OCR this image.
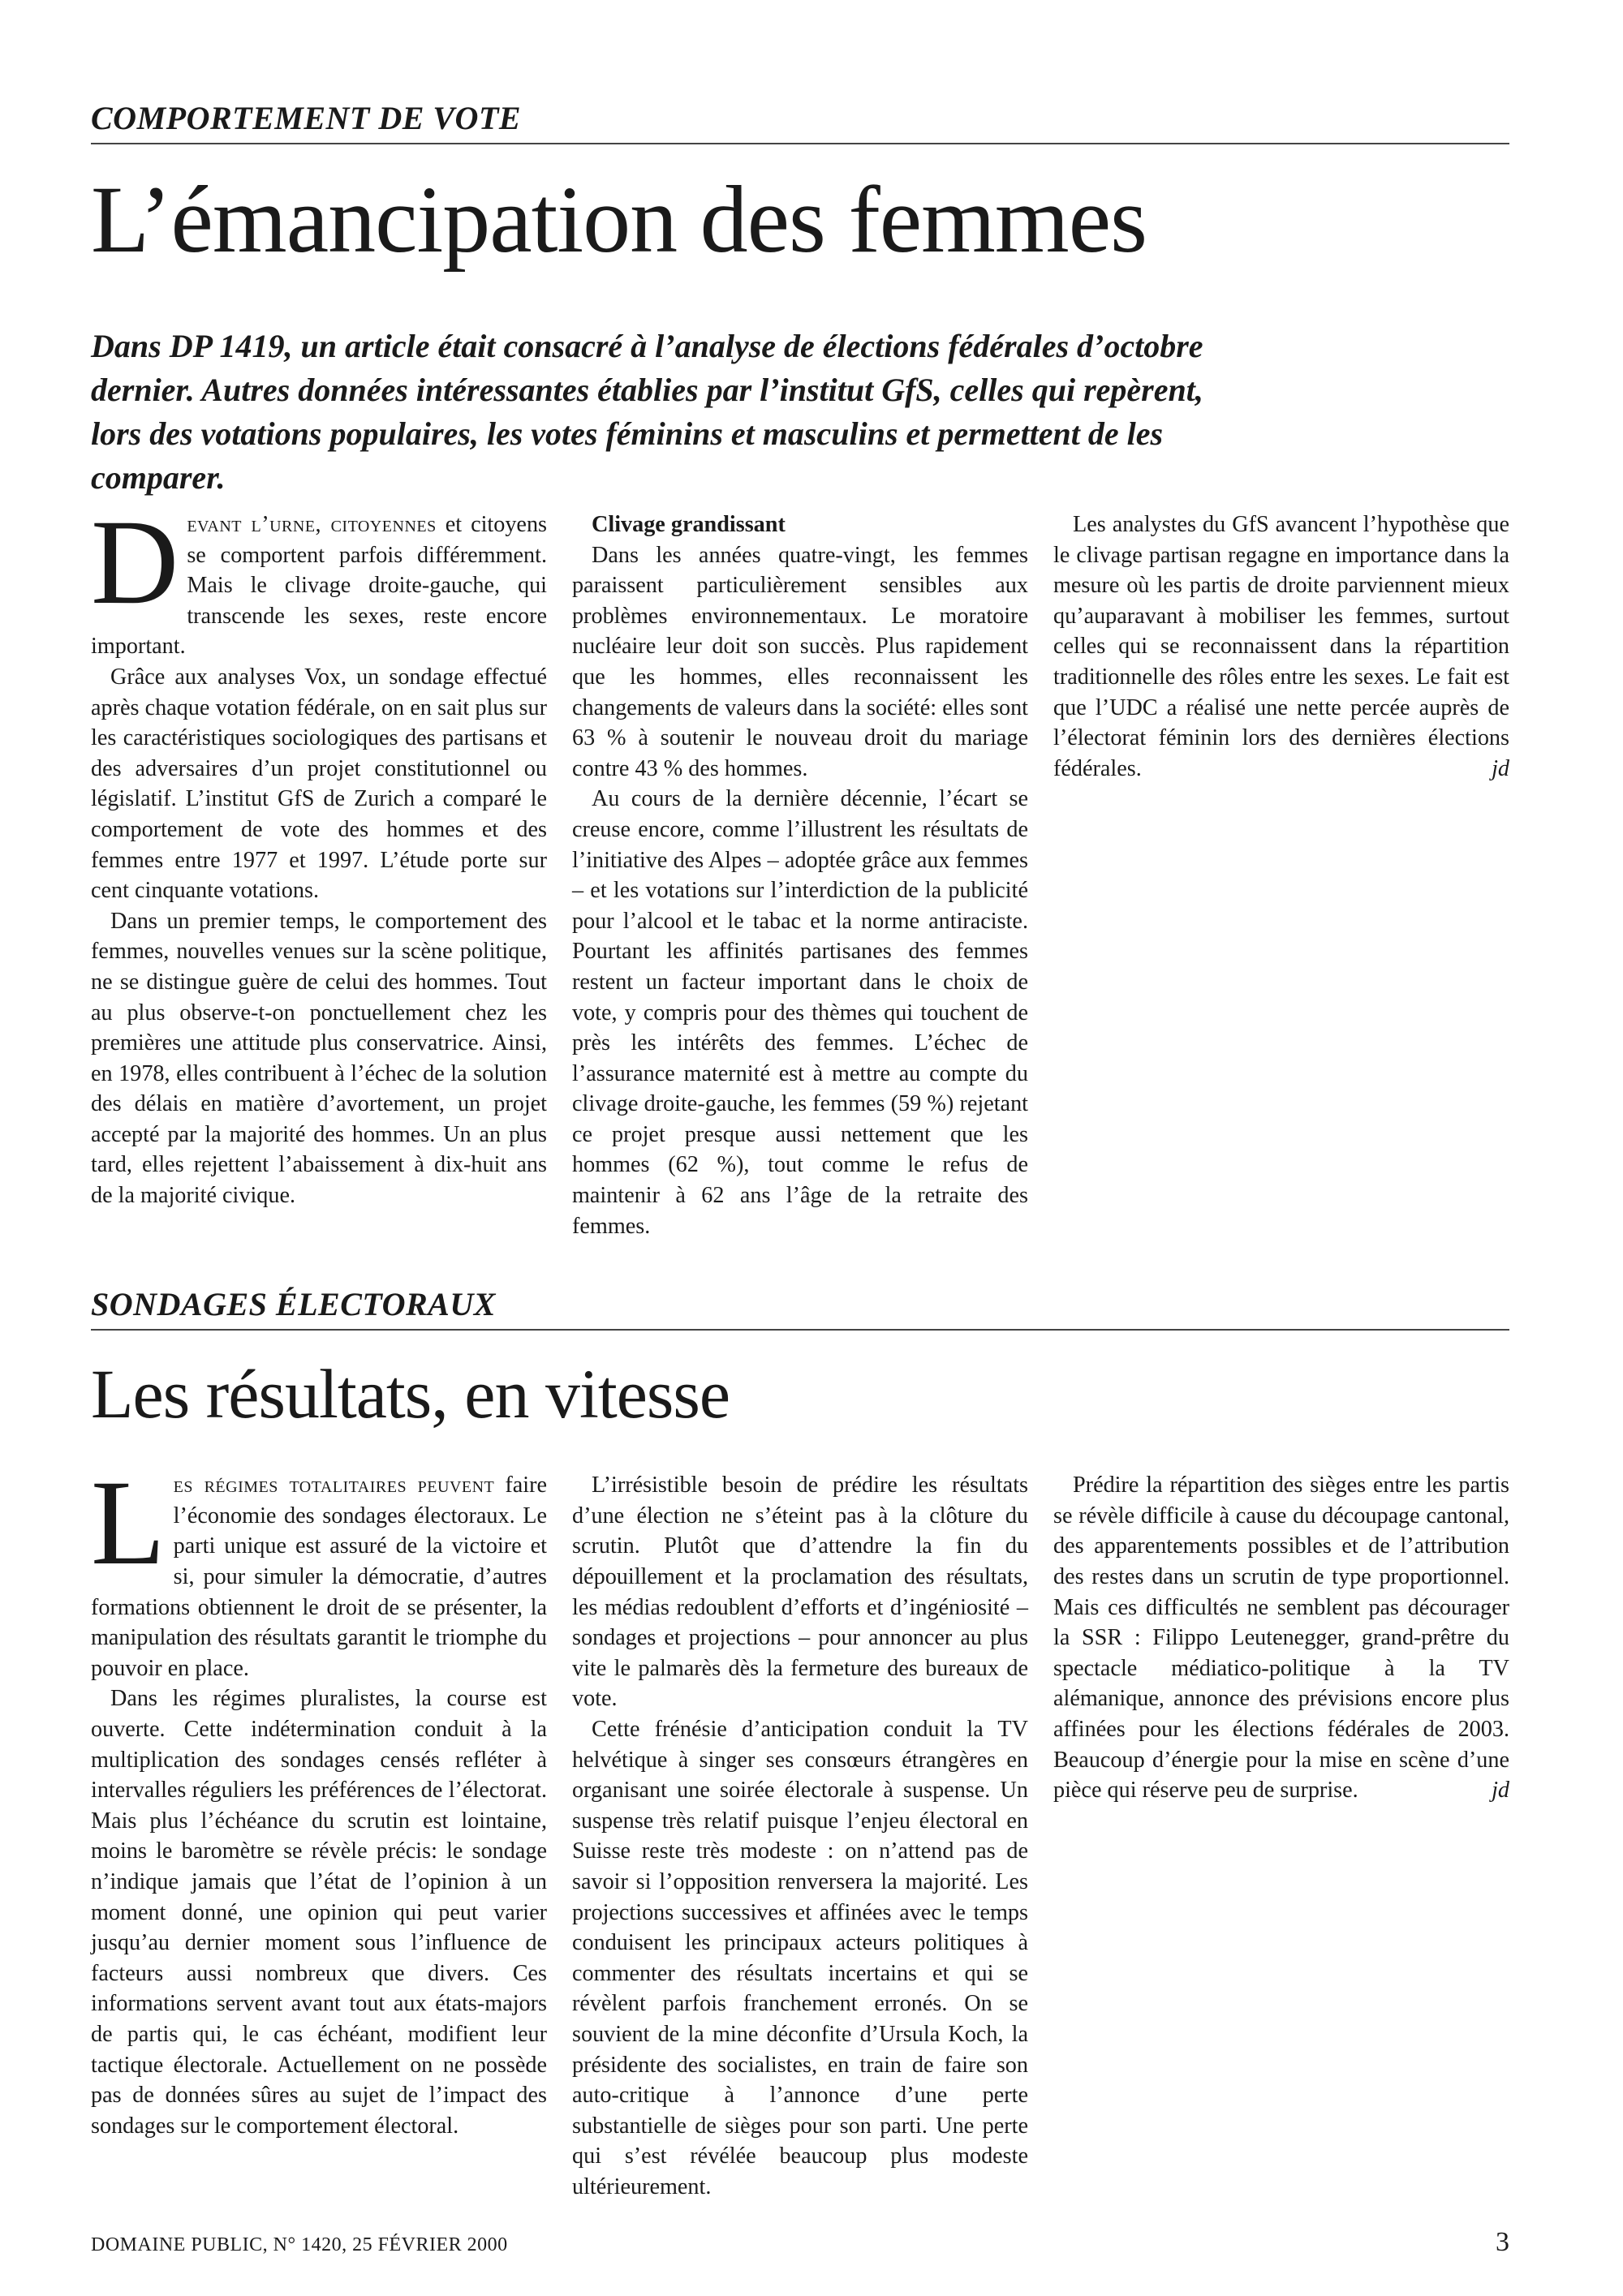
COMPORTEMENT DE VOTE
L’émancipation des femmes

Dans DP 1419, un article était consacré à l’analyse de élections fédérales d’octobre dernier. Autres données intéressantes établies par l’institut GfS, celles qui repèrent, lors des votations populaires, les votes féminins et masculins et permettent de les comparer.

Devant l’urne, citoyennes et citoyens se comportent parfois différemment. Mais le clivage droite-gauche, qui transcende les sexes, reste encore important.

Grâce aux analyses Vox, un sondage effectué après chaque votation fédérale, on en sait plus sur les caractéristiques sociologiques des partisans et des adversaires d’un projet constitutionnel ou législatif. L’institut GfS de Zurich a comparé le comportement de vote des hommes et des femmes entre 1977 et 1997. L’étude porte sur cent cinquante votations.

Dans un premier temps, le comportement des femmes, nouvelles venues sur la scène politique, ne se distingue guère de celui des hommes. Tout au plus observe-t-on ponctuellement chez les premières une attitude plus conservatrice. Ainsi, en 1978, elles contribuent à l’échec de la solution des délais en matière d’avortement, un projet accepté par la majorité des hommes. Un an plus tard, elles rejettent l’abaissement à dix-huit ans de la majorité civique.

Clivage grandissant

Dans les années quatre-vingt, les femmes paraissent particulièrement sensibles aux problèmes environnementaux. Le moratoire nucléaire leur doit son succès. Plus rapidement que les hommes, elles reconnaissent les changements de valeurs dans la société: elles sont 63 % à soutenir le nouveau droit du mariage contre 43 % des hommes.

Au cours de la dernière décennie, l’écart se creuse encore, comme l’illustrent les résultats de l’initiative des Alpes – adoptée grâce aux femmes – et les votations sur l’interdiction de la publicité pour l’alcool et le tabac et la norme antiraciste. Pourtant les affinités partisanes des femmes restent un facteur important dans le choix de vote, y compris pour des thèmes qui touchent de près les intérêts des femmes. L’échec de l’assurance maternité est à mettre au compte du clivage droite-gauche, les femmes (59 %) rejetant ce projet presque aussi nettement que les hommes (62 %), tout comme le refus de maintenir à 62 ans l’âge de la retraite des femmes.

Les analystes du GfS avancent l’hypothèse que le clivage partisan regagne en importance dans la mesure où les partis de droite parviennent mieux qu’auparavant à mobiliser les femmes, surtout celles qui se reconnaissent dans la répartition traditionnelle des rôles entre les sexes. Le fait est que l’UDC a réalisé une nette percée auprès de l’électorat féminin lors des dernières élections fédérales.	jd

SONDAGES ÉLECTORAUX
Les résultats, en vitesse

Les régimes totalitaires peuvent faire l’économie des sondages électoraux. Le parti unique est assuré de la victoire et si, pour simuler la démocratie, d’autres formations obtiennent le droit de se présenter, la manipulation des résultats garantit le triomphe du pouvoir en place.

Dans les régimes pluralistes, la course est ouverte. Cette indétermination conduit à la multiplication des sondages censés refléter à intervalles réguliers les préférences de l’électorat. Mais plus l’échéance du scrutin est lointaine, moins le baromètre se révèle précis: le sondage n’indique jamais que l’état de l’opinion à un moment donné, une opinion qui peut varier jusqu’au dernier moment sous l’influence de facteurs aussi nombreux que divers. Ces informations servent avant tout aux états-majors de partis qui, le cas échéant, modifient leur tactique électorale. Actuellement on ne possède pas de données sûres au sujet de l’impact des sondages sur le comportement électoral.

L’irrésistible besoin de prédire les résultats d’une élection ne s’éteint pas à la clôture du scrutin. Plutôt que d’attendre la fin du dépouillement et la proclamation des résultats, les médias redoublent d’efforts et d’ingéniosité – sondages et projections – pour annoncer au plus vite le palmarès dès la fermeture des bureaux de vote.

Cette frénésie d’anticipation conduit la TV helvétique à singer ses consœurs étrangères en organisant une soirée électorale à suspense. Un suspense très relatif puisque l’enjeu électoral en Suisse reste très modeste : on n’attend pas de savoir si l’opposition renversera la majorité. Les projections successives et affinées avec le temps conduisent les principaux acteurs politiques à commenter des résultats incertains et qui se révèlent parfois franchement erronés. On se souvient de la mine déconfite d’Ursula Koch, la présidente des socialistes, en train de faire son auto-critique à l’annonce d’une perte substantielle de sièges pour son parti. Une perte qui s’est révélée beaucoup plus modeste ultérieurement.

Prédire la répartition des sièges entre les partis se révèle difficile à cause du découpage cantonal, des apparentements possibles et de l’attribution des restes dans un scrutin de type proportionnel. Mais ces difficultés ne semblent pas décourager la SSR : Filippo Leutenegger, grand-prêtre du spectacle médiatico-politique à la TV alémanique, annonce des prévisions encore plus affinées pour les élections fédérales de 2003. Beaucoup d’énergie pour la mise en scène d’une pièce qui réserve peu de surprise.	jd

DOMAINE PUBLIC, N° 1420, 25 FÉVRIER 2000	3
